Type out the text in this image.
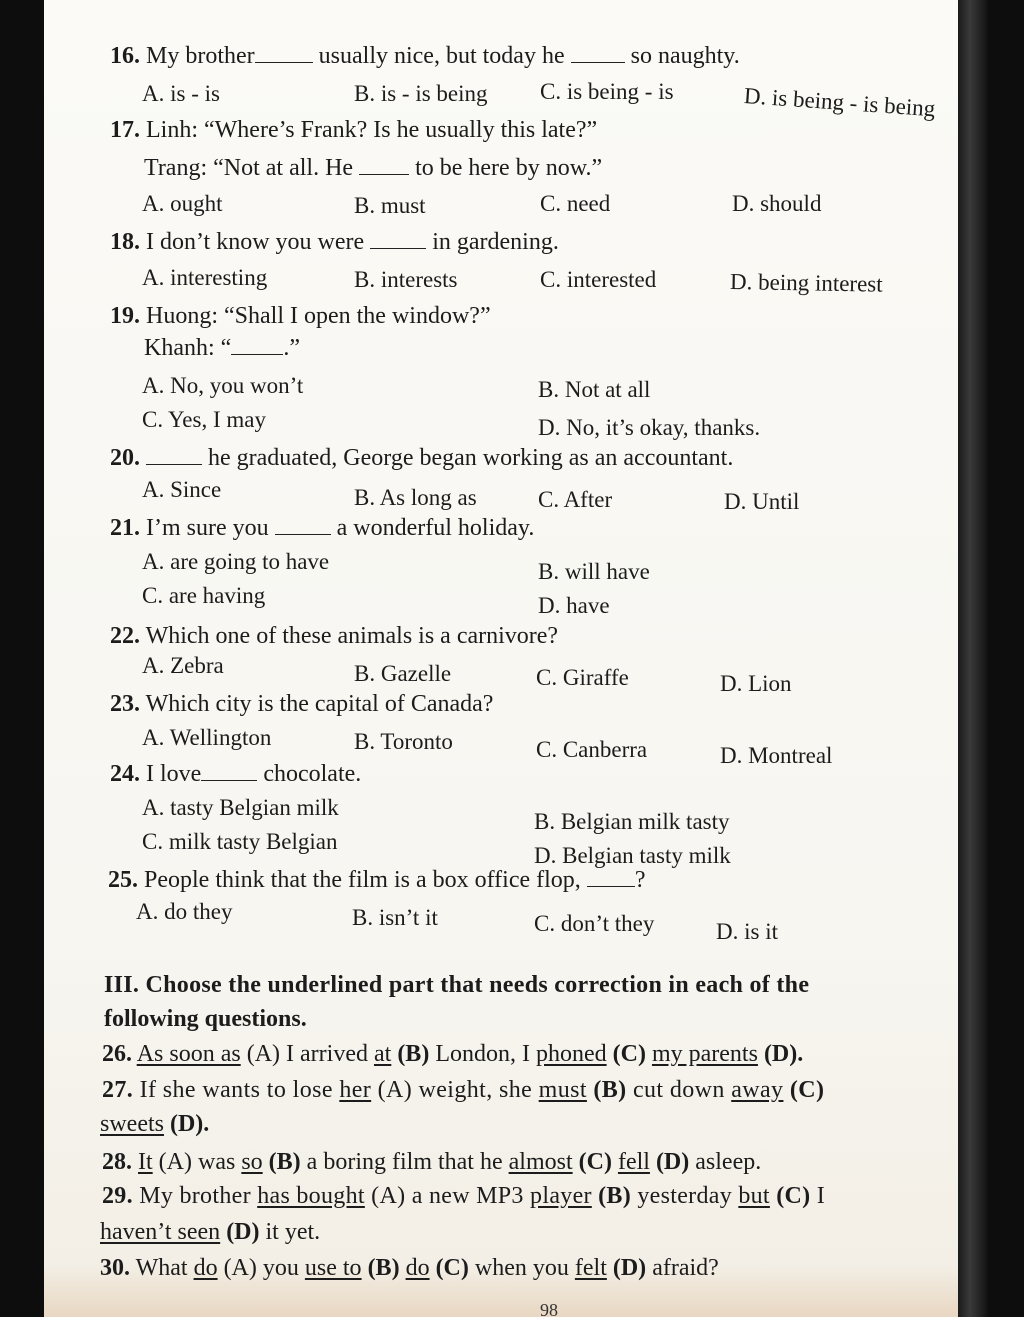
16. My brother	usually nice, but today he	so naughty.
A. is - is	B. is - is being C. is being - is	D. is being - is being
17. Linh: “Where’s Frank? Is he usually this late?”
Trang: “Not at all. He	to be here by now.”
A. ought	B. must	C. need	D. should
18. I don’t know you were	in gardening.
A. interesting	B. interests	C. interested	D. being interest
19. Huong: “Shall I open the window?”
Khanh: “ .”
A. No, you won’t	B. Not at all
C. Yes, I may	D. No, it’s okay, thanks.
20.	he graduated, George began working as an accountant.
A. Since	B. As long as	C. After	D. Until
21. I’m sure you	a wonderful holiday.
A. are going to have	B. will have
C. are having	D. have
22. Which one of these animals is a carnivore?
A. Zebra	B. Gazelle	C. Giraffe	D. Lion
23. Which city is the capital of Canada?
A. Wellington	B. Toronto	C. Canberra	D. Montreal
24. I love	chocolate.
A. tasty Belgian milk
B. Belgian milk tasty
C. milk tasty Belgian
D. Belgian tasty milk
25. People think that the film is a box office flop, ?
A. do they	B. isn’t it	C. don’t they	D. is it
III. Choose the underlined part that needs correction in each of the
following questions.
26. As soon as (A) I arrived at (B) London, I phoned (C) my parents (D).
27. If she wants to lose her (A) weight, she must (B) cut down away (C)
sweets (D).
28. It (A) was so (B) a boring film that he almost (C) fell (D) asleep.
29. My brother has bought (A) a new MP3 player (B) yesterday but (C) I
haven’t seen (D) it yet.
30. What do (A) you use to (B) do (C) when you felt (D) afraid?
98
